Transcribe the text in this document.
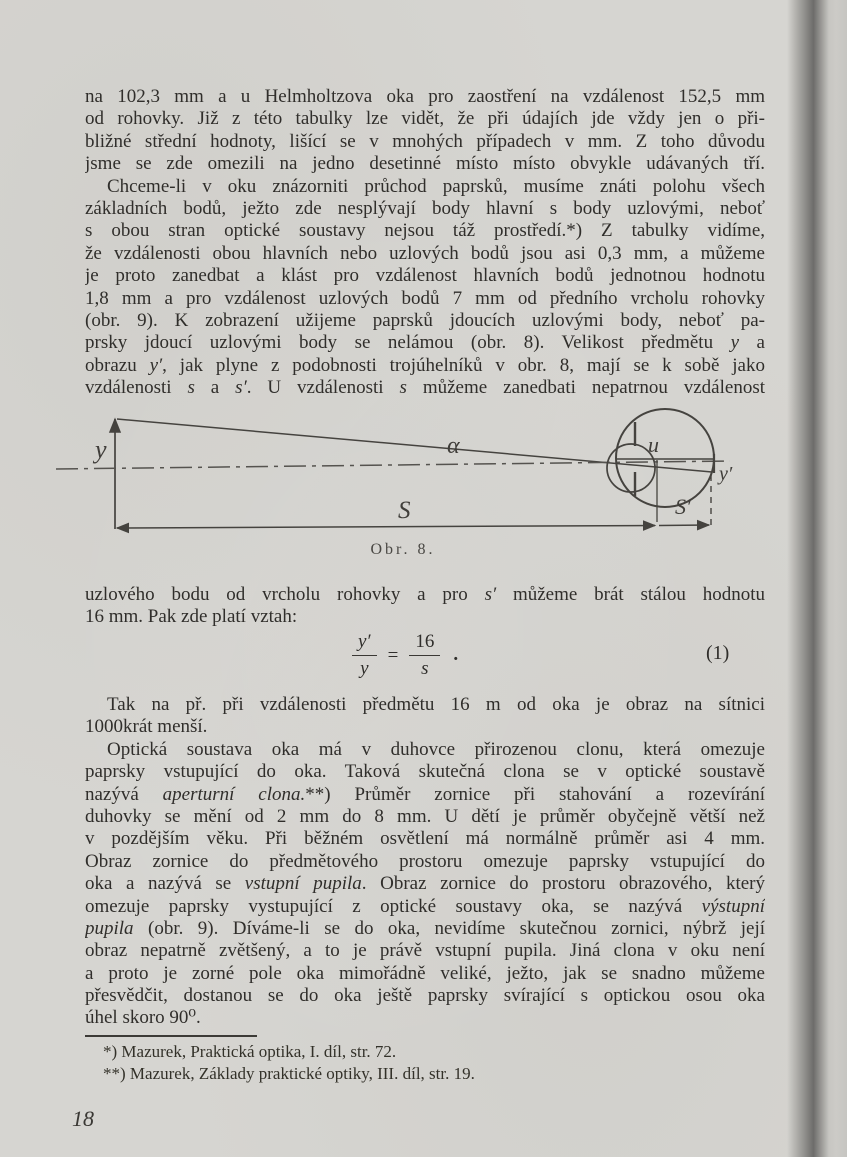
na 102,3 mm a u Helmholtzova oka pro zaostření na vzdálenost 152,5 mm
od rohovky. Již z této tabulky lze vidět, že při údajích jde vždy jen o při-
bližné střední hodnoty, lišící se v mnohých případech v mm. Z toho důvodu
jsme se zde omezili na jedno desetinné místo místo obvykle udávaných tří.
Chceme-li v oku znázorniti průchod paprsků, musíme znáti polohu všech
základních bodů, ježto zde nesplývají body hlavní s body uzlovými, neboť
s obou stran optické soustavy nejsou táž prostředí.*) Z tabulky vidíme,
že vzdálenosti obou hlavních nebo uzlových bodů jsou asi 0,3 mm, a můžeme
je proto zanedbat a klást pro vzdálenost hlavních bodů jednotnou hodnotu
1,8 mm a pro vzdálenost uzlových bodů 7 mm od předního vrcholu rohovky
(obr. 9). K zobrazení užijeme paprsků jdoucích uzlovými body, neboť pa-
prsky jdoucí uzlovými body se nelámou (obr. 8). Velikost předmětu y a
obrazu y′, jak plyne z podobnosti trojúhelníků v obr. 8, mají se k sobě jako
vzdálenosti s a s′. U vzdálenosti s můžeme zanedbati nepatrnou vzdálenost
y	α	u
y′
S	S′
Obr. 8.
uzlového bodu od vrcholu rohovky a pro s′ můžeme brát stálou hodnotu
16 mm. Pak zde platí vztah:
$\frac{y'}{y} = \frac{16}{s}$ .	(1)
Tak na př. při vzdálenosti předmětu 16 m od oka je obraz na sítnici
1000krát menší.
Optická soustava oka má v duhovce přirozenou clonu, která omezuje
paprsky vstupující do oka. Taková skutečná clona se v optické soustavě
nazývá aperturní clona.**) Průměr zornice při stahování a rozevírání
duhovky se mění od 2 mm do 8 mm. U dětí je průměr obyčejně větší než
v pozdějším věku. Při běžném osvětlení má normálně průměr asi 4 mm.
Obraz zornice do předmětového prostoru omezuje paprsky vstupující do
oka a nazývá se vstupní pupila. Obraz zornice do prostoru obrazového, který
omezuje paprsky vystupující z optické soustavy oka, se nazývá výstupní
pupila (obr. 9). Díváme-li se do oka, nevidíme skutečnou zornici, nýbrž její
obraz nepatrně zvětšený, a to je právě vstupní pupila. Jiná clona v oku není
a proto je zorné pole oka mimořádně veliké, ježto, jak se snadno můžeme
přesvědčit, dostanou se do oka ještě paprsky svírající s optickou osou oka
úhel skoro 90⁰.
*) Mazurek, Praktická optika, I. díl, str. 72.
**) Mazurek, Základy praktické optiky, III. díl, str. 19.
18
